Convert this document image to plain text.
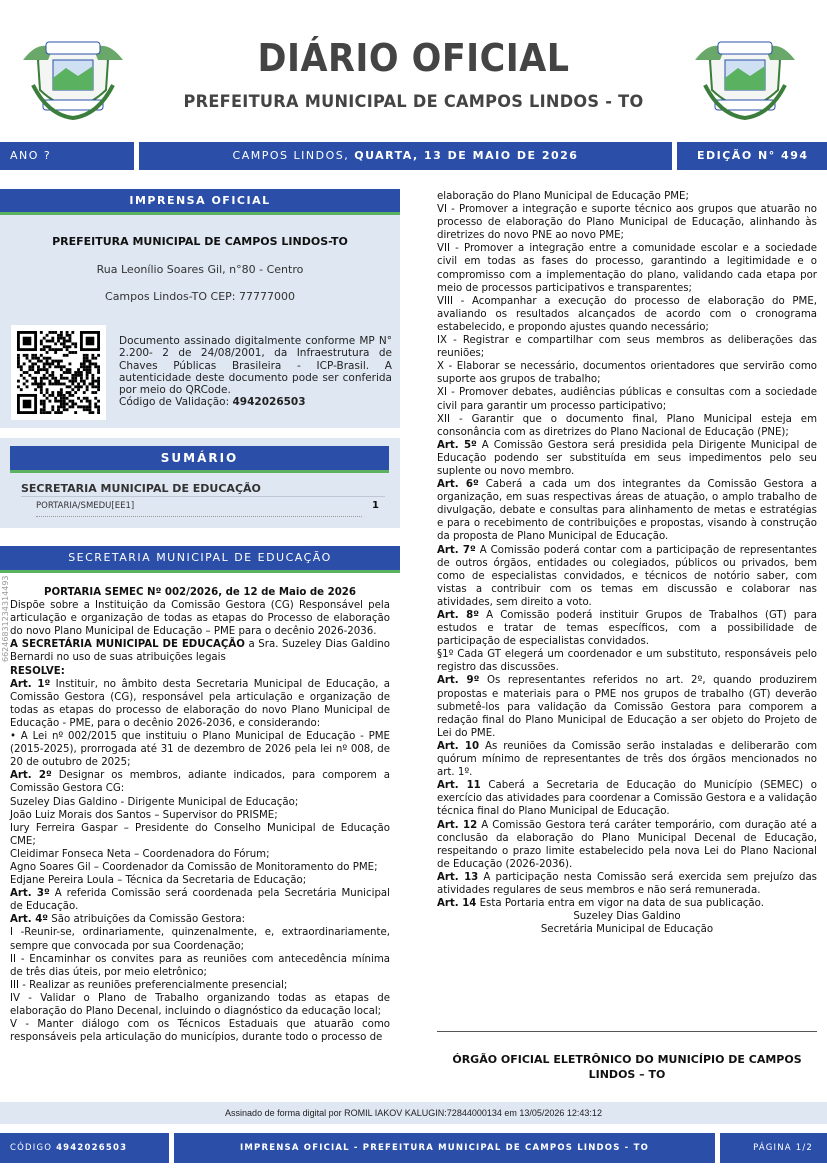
DIÁRIO OFICIAL
PREFEITURA MUNICIPAL DE CAMPOS LINDOS - TO
ANO ?	CAMPOS LINDOS, QUARTA, 13 DE MAIO DE 2026	EDIÇÃO N° 494
IMPRENSA OFICIAL
PREFEITURA MUNICIPAL DE CAMPOS LINDOS-TO
Rua Leonílio Soares Gil, n°80 - Centro
Campos Lindos-TO CEP: 77777000
Documento assinado digitalmente conforme MP N° 2.200- 2 de 24/08/2001, da Infraestrutura de Chaves Públicas Brasileira - ICP-Brasil. A autenticidade deste documento pode ser conferida por meio do QRCode.
Código de Validação: 4942026503
SUMÁRIO
SECRETARIA MUNICIPAL DE EDUCAÇÃO
PORTARIA/SMEDU[EE1]	1
SECRETARIA MUNICIPAL DE EDUCAÇÃO
66246831234314493	PORTARIA SEMEC Nº 002/2026, de 12 de Maio de 2026

Dispõe sobre a Instituição da Comissão Gestora (CG) Responsável pela articulação e organização de todas as etapas do Processo de elaboração do novo Plano Municipal de Educação – PME para o decênio 2026-2036.

A SECRETÁRIA MUNICIPAL DE EDUCAÇÃO a Sra. Suzeley Dias Galdino Bernardi no uso de suas atribuições legais

RESOLVE:

Art. 1º Instituir, no âmbito desta Secretaria Municipal de Educação, a Comissão Gestora (CG), responsável pela articulação e organização de todas as etapas do processo de elaboração do novo Plano Municipal de Educação - PME, para o decênio 2026-2036, e considerando:

• A Lei nº 002/2015 que instituiu o Plano Municipal de Educação - PME (2015-2025), prorrogada até 31 de dezembro de 2026 pela lei nº 008, de 20 de outubro de 2025;

Art. 2º Designar os membros, adiante indicados, para comporem a Comissão Gestora CG:

Suzeley Dias Galdino - Dirigente Municipal de Educação;

João Luiz Morais dos Santos – Supervisor do PRISME;

Iury Ferreira Gaspar – Presidente do Conselho Municipal de Educação CME;

Cleidimar Fonseca Neta – Coordenadora do Fórum;

Agno Soares Gil – Coordenador da Comissão de Monitoramento do PME;

Edjane Pereira Loula – Técnica da Secretaria de Educação;

Art. 3º A referida Comissão será coordenada pela Secretária Municipal de Educação.

Art. 4º São atribuições da Comissão Gestora:

I -Reunir-se, ordinariamente, quinzenalmente, e, extraordinariamente, sempre que convocada por sua Coordenação;

II - Encaminhar os convites para as reuniões com antecedência mínima de três dias úteis, por meio eletrônico;

III - Realizar as reuniões preferencialmente presencial;

IV - Validar o Plano de Trabalho organizando todas as etapas de elaboração do Plano Decenal, incluindo o diagnóstico da educação local;

V - Manter diálogo com os Técnicos Estaduais que atuarão como responsáveis pela articulação do municípios, durante todo o processo de

elaboração do Plano Municipal de Educação PME;

VI - Promover a integração e suporte técnico aos grupos que atuarão no processo de elaboração do Plano Municipal de Educação, alinhando às diretrizes do novo PNE ao novo PME;

VII - Promover a integração entre a comunidade escolar e a sociedade civil em todas as fases do processo, garantindo a legitimidade e o compromisso com a implementação do plano, validando cada etapa por meio de processos participativos e transparentes;

VIII - Acompanhar a execução do processo de elaboração do PME, avaliando os resultados alcançados de acordo com o cronograma estabelecido, e propondo ajustes quando necessário;

IX - Registrar e compartilhar com seus membros as deliberações das reuniões;

X - Elaborar se necessário, documentos orientadores que servirão como suporte aos grupos de trabalho;

XI - Promover debates, audiências públicas e consultas com a sociedade civil para garantir um processo participativo;

XII - Garantir que o documento final, Plano Municipal esteja em consonância com as diretrizes do Plano Nacional de Educação (PNE);

Art. 5º A Comissão Gestora será presidida pela Dirigente Municipal de Educação podendo ser substituída em seus impedimentos pelo seu suplente ou novo membro.

Art. 6º Caberá a cada um dos integrantes da Comissão Gestora a organização, em suas respectivas áreas de atuação, o amplo trabalho de divulgação, debate e consultas para alinhamento de metas e estratégias e para o recebimento de contribuições e propostas, visando à construção da proposta de Plano Municipal de Educação.

Art. 7º A Comissão poderá contar com a participação de representantes de outros órgãos, entidades ou colegiados, públicos ou privados, bem como de especialistas convidados, e técnicos de notório saber, com vistas a contribuir com os temas em discussão e colaborar nas atividades, sem direito a voto.

Art. 8º A Comissão poderá instituir Grupos de Trabalhos (GT) para estudos e tratar de temas específicos, com a possibilidade de participação de especialistas convidados.

§1º Cada GT elegerá um coordenador e um substituto, responsáveis pelo registro das discussões.

Art. 9º Os representantes referidos no art. 2º, quando produzirem propostas e materiais para o PME nos grupos de trabalho (GT) deverão submetê-los para validação da Comissão Gestora para comporem a redação final do Plano Municipal de Educação a ser objeto do Projeto de Lei do PME.

Art. 10 As reuniões da Comissão serão instaladas e deliberarão com quórum mínimo de representantes de três dos órgãos mencionados no art. 1º.

Art. 11 Caberá a Secretaria de Educação do Município (SEMEC) o exercício das atividades para coordenar a Comissão Gestora e a validação técnica final do Plano Municipal de Educação.

Art. 12 A Comissão Gestora terá caráter temporário, com duração até a conclusão da elaboração do Plano Municipal Decenal de Educação, respeitando o prazo limite estabelecido pela nova Lei do Plano Nacional de Educação (2026-2036).

Art. 13 A participação nesta Comissão será exercida sem prejuízo das atividades regulares de seus membros e não será remunerada.

Art. 14 Esta Portaria entra em vigor na data de sua publicação.

Suzeley Dias Galdino

Secretária Municipal de Educação

ÓRGÃO OFICIAL ELETRÔNICO DO MUNICÍPIO DE CAMPOS LINDOS – TO
Assinado de forma digital por ROMIL IAKOV KALUGIN:72844000134 em 13/05/2026 12:43:12
CÓDIGO 4942026503	IMPRENSA OFICIAL - PREFEITURA MUNICIPAL DE CAMPOS LINDOS - TO	PÁGINA 1/2
